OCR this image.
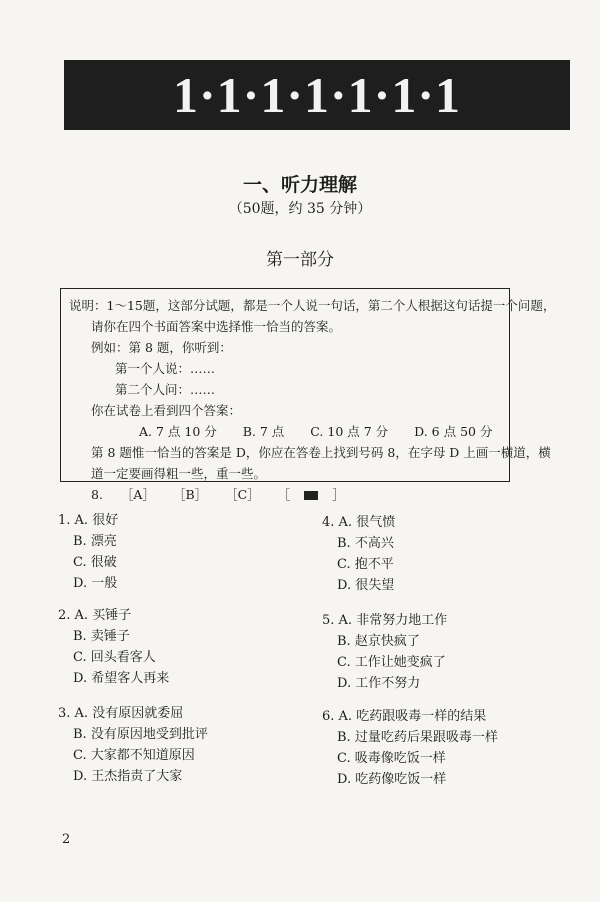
1·1·1·1·1·1·1
一、听力理解
（50题，约 35 分钟）
第一部分
说明：1～15题，这部分试题，都是一个人说一句话，第二个人根据这句话提一个问题，
请你在四个书面答案中选择惟一恰当的答案。
例如：第 8 题，你听到：
第一个人说：……
第二个人问：……
你在试卷上看到四个答案：
A. 7 点 10 分 B. 7 点 C. 10 点 7 分 D. 6 点 50 分
第 8 题惟一恰当的答案是 D，你应在答卷上找到号码 8，在字母 D 上画一横道，横
道一定要画得粗一些，重一些。
8. ［A］ ［B］ ［C］ ［	］
1. A. 很好
B. 漂亮
C. 很破
D. 一般
2. A. 买锤子
B. 卖锤子
C. 回头看客人
D. 希望客人再来
3. A. 没有原因就委屈
B. 没有原因地受到批评
C. 大家都不知道原因
D. 王杰指责了大家
4. A. 很气愤
B. 不高兴
C. 抱不平
D. 很失望
5. A. 非常努力地工作
B. 赵京快疯了
C. 工作让她变疯了
D. 工作不努力
6. A. 吃药跟吸毒一样的结果
B. 过量吃药后果跟吸毒一样
C. 吸毒像吃饭一样
D. 吃药像吃饭一样
2
